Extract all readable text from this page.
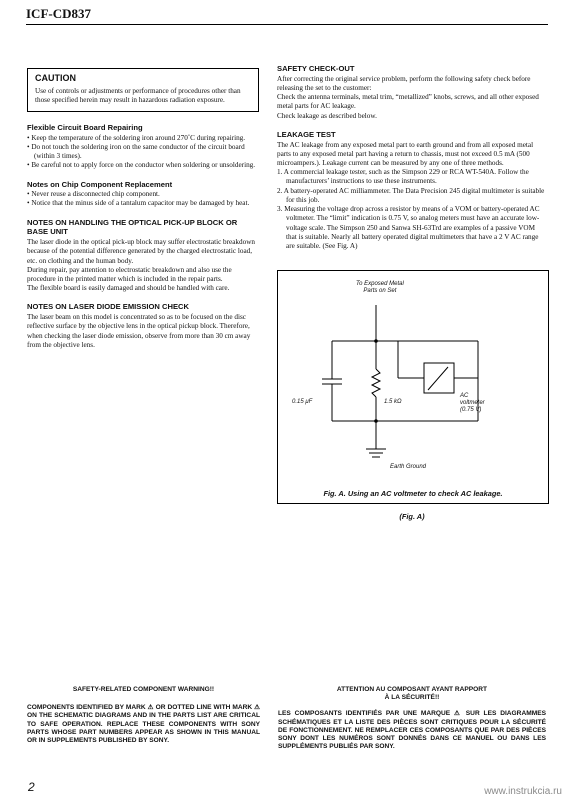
ICF-CD837
CAUTION

Use of controls or adjustments or performance of procedures other than those specified herein may result in hazardous radiation exposure.

Flexible Circuit Board Repairing

• Keep the temperature of the soldering iron around 270˚C during repairing.

• Do not touch the soldering iron on the same conductor of the circuit board (within 3 times).

• Be careful not to apply force on the conductor when soldering or unsoldering.

Notes on Chip Component Replacement

• Never reuse a disconnected chip component.

• Notice that the minus side of a tantalum capacitor may be damaged by heat.

NOTES ON HANDLING THE OPTICAL PICK-UP BLOCK OR BASE UNIT

The laser diode in the optical pick-up block may suffer electrostatic breakdown because of the potential difference generated by the charged electrostatic load, etc. on clothing and the human body.

During repair, pay attention to electrostatic breakdown and also use the procedure in the printed matter which is included in the repair parts.

The flexible board is easily damaged and should be handled with care.

NOTES ON LASER DIODE EMISSION CHECK

The laser beam on this model is concentrated so as to be focused on the disc reflective surface by the objective lens in the optical pickup block. Therefore, when checking the laser diode emission, observe from more than 30 cm away from the objective lens.

SAFETY CHECK-OUT

After correcting the original service problem, perform the following safety check before releasing the set to the customer:

Check the antenna terminals, metal trim, “metallized” knobs, screws, and all other exposed metal parts for AC leakage.

Check leakage as described below.

LEAKAGE TEST

The AC leakage from any exposed metal part to earth ground and from all exposed metal parts to any exposed metal part having a return to chassis, must not exceed 0.5 mA (500 microampers.). Leakage current can be measured by any one of three methods.

1. A commercial leakage tester, such as the Simpson 229 or RCA WT-540A. Follow the manufacturers’ instructions to use these instruments.

2. A battery-operated AC milliammeter. The Data Precision 245 digital multimeter is suitable for this job.

3. Measuring the voltage drop across a resistor by means of a VOM or battery-operated AC voltmeter. The “limit” indication is 0.75 V, so analog meters must have an accurate low-voltage scale. The Simpson 250 and Sanwa SH-63Trd are examples of a passive VOM that is suitable. Nearly all battery operated digital multimeters that have a 2 V AC range are suitable. (See Fig. A)

To Exposed Metal
Parts on Set
0.15 μF	1.5 kΩ
AC
voltmeter
(0.75 V)
Earth Ground
Fig. A. Using an AC voltmeter to check AC leakage.
(Fig. A)
SAFETY-RELATED COMPONENT WARNING!!
COMPONENTS IDENTIFIED BY MARK ⚠ OR DOTTED LINE WITH MARK ⚠ ON THE SCHEMATIC DIAGRAMS AND IN THE PARTS LIST ARE CRITICAL TO SAFE OPERATION. REPLACE THESE COMPONENTS WITH SONY PARTS WHOSE PART NUMBERS APPEAR AS SHOWN IN THIS MANUAL OR IN SUPPLEMENTS PUBLISHED BY SONY.
ATTENTION AU COMPOSANT AYANT RAPPORT
À LA SÉCURITÉ!!
LES COMPOSANTS IDENTIFIÉS PAR UNE MARQUE ⚠ SUR LES DIAGRAMMES SCHÉMATIQUES ET LA LISTE DES PIÈCES SONT CRITIQUES POUR LA SÉCURITÉ DE FONCTIONNEMENT. NE REMPLACER CES COMPOSANTS QUE PAR DES PIÈCES SONY DONT LES NUMÉROS SONT DONNÉS DANS CE MANUEL OU DANS LES SUPPLÉMENTS PUBLIÉS PAR SONY.
2	www.instrukcia.ru
